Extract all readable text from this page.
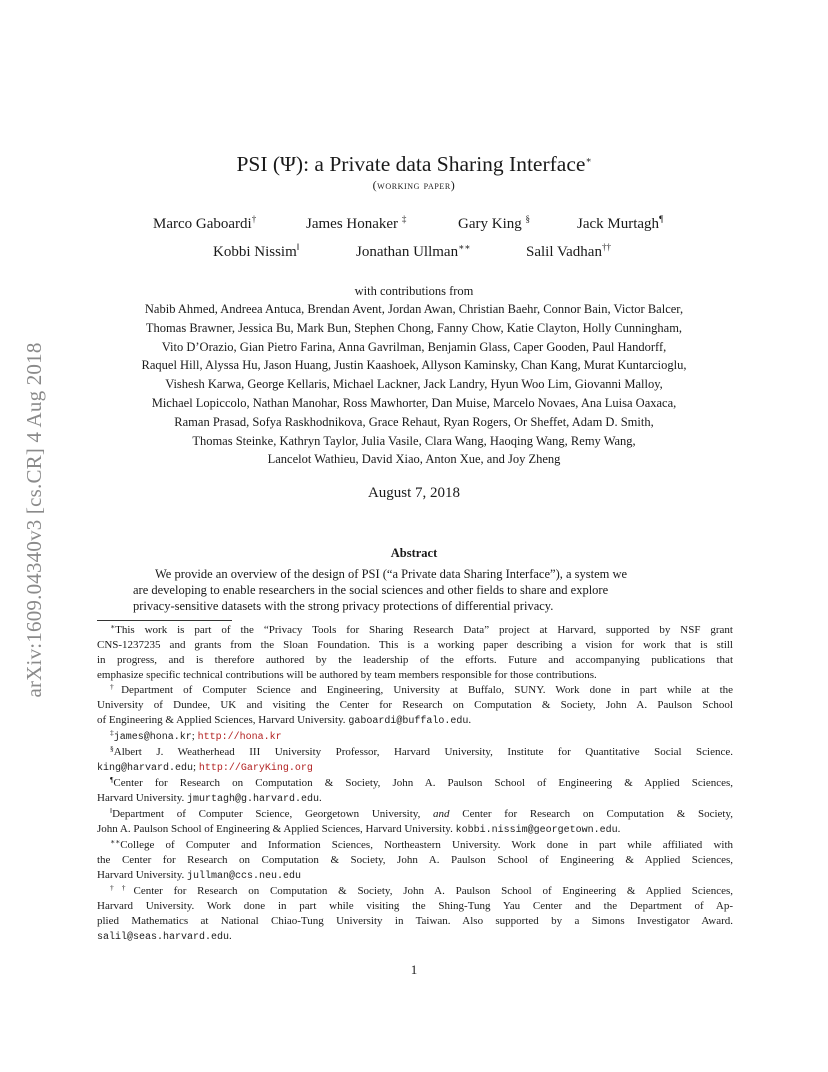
arXiv:1609.04340v3 [cs.CR] 4 Aug 2018
PSI (Ψ): a Private data Sharing Interface∗
(working paper)
Marco Gaboardi†	James Honaker ‡	Gary King §	Jack Murtagh¶
Kobbi Nissim‖	Jonathan Ullman∗∗	Salil Vadhan††
with contributions from
Nabib Ahmed, Andreea Antuca, Brendan Avent, Jordan Awan, Christian Baehr, Connor Bain, Victor Balcer,
Thomas Brawner, Jessica Bu, Mark Bun, Stephen Chong, Fanny Chow, Katie Clayton, Holly Cunningham,
Vito D’Orazio, Gian Pietro Farina, Anna Gavrilman, Benjamin Glass, Caper Gooden, Paul Handorff,
Raquel Hill, Alyssa Hu, Jason Huang, Justin Kaashoek, Allyson Kaminsky, Chan Kang, Murat Kuntarcioglu,
Vishesh Karwa, George Kellaris, Michael Lackner, Jack Landry, Hyun Woo Lim, Giovanni Malloy,
Michael Lopiccolo, Nathan Manohar, Ross Mawhorter, Dan Muise, Marcelo Novaes, Ana Luisa Oaxaca,
Raman Prasad, Sofya Raskhodnikova, Grace Rehaut, Ryan Rogers, Or Sheffet, Adam D. Smith,
Thomas Steinke, Kathryn Taylor, Julia Vasile, Clara Wang, Haoqing Wang, Remy Wang,
Lancelot Wathieu, David Xiao, Anton Xue, and Joy Zheng
August 7, 2018
Abstract
We provide an overview of the design of PSI (“a Private data Sharing Interface”), a system we
are developing to enable researchers in the social sciences and other fields to share and explore
privacy-sensitive datasets with the strong privacy protections of differential privacy.
∗This work is part of the “Privacy Tools for Sharing Research Data” project at Harvard, supported by NSF grant
CNS-1237235 and grants from the Sloan Foundation. This is a working paper describing a vision for work that is still
in progress, and is therefore authored by the leadership of the efforts. Future and accompanying publications that
emphasize specific technical contributions will be authored by team members responsible for those contributions.
†Department of Computer Science and Engineering, University at Buffalo, SUNY. Work done in part while at the
University of Dundee, UK and visiting the Center for Research on Computation & Society, John A. Paulson School
of Engineering & Applied Sciences, Harvard University. gaboardi@buffalo.edu.
‡james@hona.kr; http://hona.kr
§Albert J. Weatherhead III University Professor, Harvard University, Institute for Quantitative Social Science.
king@harvard.edu; http://GaryKing.org
¶Center for Research on Computation & Society, John A. Paulson School of Engineering & Applied Sciences,
Harvard University. jmurtagh@g.harvard.edu.
‖Department of Computer Science, Georgetown University, and Center for Research on Computation & Society,
John A. Paulson School of Engineering & Applied Sciences, Harvard University. kobbi.nissim@georgetown.edu.
∗∗College of Computer and Information Sciences, Northeastern University. Work done in part while affiliated with
the Center for Research on Computation & Society, John A. Paulson School of Engineering & Applied Sciences,
Harvard University. jullman@ccs.neu.edu
††Center for Research on Computation & Society, John A. Paulson School of Engineering & Applied Sciences,
Harvard University. Work done in part while visiting the Shing-Tung Yau Center and the Department of Ap-
plied Mathematics at National Chiao-Tung University in Taiwan. Also supported by a Simons Investigator Award.
salil@seas.harvard.edu.
1
